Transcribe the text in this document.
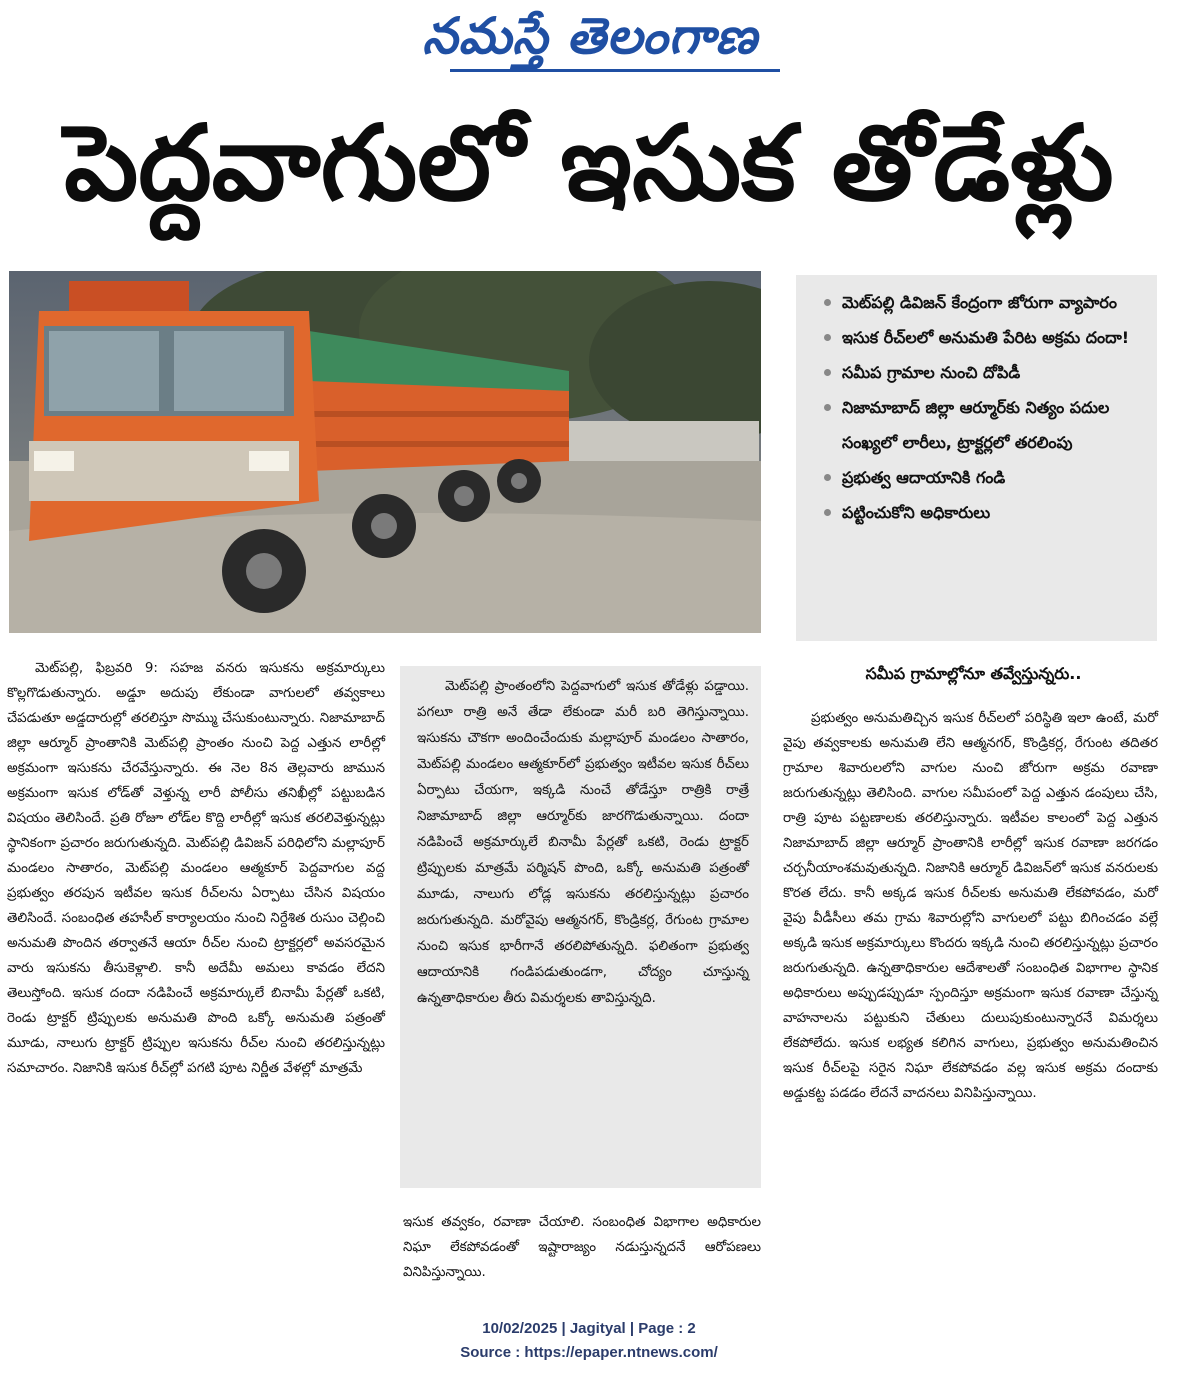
నమస్తే తెలంగాణ
పెద్దవాగులో ఇసుక తోడేళ్లు
మెట్‌పల్లి డివిజన్ కేంద్రంగా జోరుగా వ్యాపారం
ఇసుక రీచ్‌లలో అనుమతి పేరిట అక్రమ దందా!
సమీప గ్రామాల నుంచి దోపిడీ
నిజామాబాద్ జిల్లా ఆర్మూర్‌కు నిత్యం పదుల సంఖ్యలో లారీలు, ట్రాక్టర్లలో తరలింపు
ప్రభుత్వ ఆదాయానికి గండి
పట్టించుకోని అధికారులు

మెట్‌పల్లి, ఫిబ్రవరి 9: సహజ వనరు ఇసుకను అక్రమార్కులు కొల్లగొడుతున్నారు. అడ్డూ అదుపు లేకుండా వాగులలో తవ్వకాలు చేపడుతూ అడ్డదారుల్లో తరలిస్తూ సొమ్ము చేసుకుంటున్నారు. నిజామాబాద్ జిల్లా ఆర్మూర్ ప్రాంతానికి మెట్‌పల్లి ప్రాంతం నుంచి పెద్ద ఎత్తున లారీల్లో అక్రమంగా ఇసుకను చేరవేస్తున్నారు. ఈ నెల 8న తెల్లవారు జామున అక్రమంగా ఇసుక లోడ్‌తో వెళ్తున్న లారీ పోలీసు తనిఖీల్లో పట్టుబడిన విషయం తెలిసిందే. ప్రతి రోజూ లోడ్‌ల కొద్ది లారీల్లో ఇసుక తరలివెళ్తున్నట్లు స్థానికంగా ప్రచారం జరుగుతున్నది. మెట్‌పల్లి డివిజన్ పరిధిలోని మల్లాపూర్ మండలం సాతారం, మెట్‌పల్లి మండలం ఆత్మకూర్ పెద్దవాగుల వద్ద ప్రభుత్వం తరపున ఇటీవల ఇసుక రీచ్‌లను ఏర్పాటు చేసిన విషయం తెలిసిందే. సంబంధిత తహసీల్ కార్యాలయం నుంచి నిర్దేశిత రుసుం చెల్లించి అనుమతి పొందిన తర్వాతనే ఆయా రీచ్‌ల నుంచి ట్రాక్టర్లలో అవసరమైన వారు ఇసుకను తీసుకెళ్లాలి. కానీ అదేమీ అమలు కావడం లేదని తెలుస్తోంది. ఇసుక దందా నడిపించే అక్రమార్కులే బినామీ పేర్లతో ఒకటి, రెండు ట్రాక్టర్ ట్రిప్పులకు అనుమతి పొంది ఒక్కో అనుమతి పత్రంతో మూడు, నాలుగు ట్రాక్టర్ ట్రిప్పుల ఇసుకను రీచ్‌ల నుంచి తరలిస్తున్నట్లు సమాచారం. నిజానికి ఇసుక రీచ్‌ల్లో పగటి పూట నిర్ణీత వేళల్లో మాత్రమే

మెట్‌పల్లి ప్రాంతంలోని పెద్దవాగులో ఇసుక తోడేళ్లు పడ్డాయి. పగలూ రాత్రి అనే తేడా లేకుండా మరీ బరి తెగిస్తున్నాయి. ఇసుకను చౌకగా అందించేందుకు మల్లాపూర్ మండలం సాతారం, మెట్‌పల్లి మండలం ఆత్మకూర్‌లో ప్రభుత్వం ఇటీవల ఇసుక రీచ్‌లు ఏర్పాటు చేయగా, ఇక్కడి నుంచే తోడేస్తూ రాత్రికి రాత్రే నిజామాబాద్ జిల్లా ఆర్మూర్‌కు జారగొడుతున్నాయి. దందా నడిపించే అక్రమార్కులే బినామీ పేర్లతో ఒకటి, రెండు ట్రాక్టర్ ట్రిప్పులకు మాత్రమే పర్మిషన్ పొంది, ఒక్కో అనుమతి పత్రంతో మూడు, నాలుగు లోడ్ల ఇసుకను తరలిస్తున్నట్లు ప్రచారం జరుగుతున్నది. మరోవైపు ఆత్మనగర్, కొండ్రికర్ల, రేగుంట గ్రామాల నుంచి ఇసుక భారీగానే తరలిపోతున్నది. ఫలితంగా ప్రభుత్వ ఆదాయానికి గండిపడుతుండగా, చోద్యం చూస్తున్న ఉన్నతాధికారుల తీరు విమర్శలకు తావిస్తున్నది.

ఇసుక తవ్వకం, రవాణా చేయాలి. సంబంధిత విభాగాల అధికారుల నిఘా లేకపోవడంతో ఇష్టారాజ్యం నడుస్తున్నదనే ఆరోపణలు వినిపిస్తున్నాయి.

సమీప గ్రామాల్లోనూ తవ్వేస్తున్నరు..

ప్రభుత్వం అనుమతిచ్చిన ఇసుక రీచ్‌లలో పరిస్థితి ఇలా ఉంటే, మరో వైపు తవ్వకాలకు అనుమతి లేని ఆత్మనగర్, కొండ్రికర్ల, రేగుంట తదితర గ్రామాల శివారులలోని వాగుల నుంచి జోరుగా అక్రమ రవాణా జరుగుతున్నట్లు తెలిసింది. వాగుల సమీపంలో పెద్ద ఎత్తున డంపులు చేసి, రాత్రి పూట పట్టణాలకు తరలిస్తున్నారు. ఇటీవల కాలంలో పెద్ద ఎత్తున నిజామాబాద్ జిల్లా ఆర్మూర్ ప్రాంతానికి లారీల్లో ఇసుక రవాణా జరగడం చర్చనీయాంశమవుతున్నది. నిజానికి ఆర్మూర్ డివిజన్‌లో ఇసుక వనరులకు కొరత లేదు. కానీ అక్కడ ఇసుక రీచ్‌లకు అనుమతి లేకపోవడం, మరో వైపు వీడీసీలు తమ గ్రామ శివారుల్లోని వాగులలో పట్టు బిగించడం వల్లే అక్కడి ఇసుక అక్రమార్కులు కొందరు ఇక్కడి నుంచి తరలిస్తున్నట్లు ప్రచారం జరుగుతున్నది. ఉన్నతాధికారుల ఆదేశాలతో సంబంధిత విభాగాల స్థానిక అధికారులు అప్పుడప్పుడూ స్పందిస్తూ అక్రమంగా ఇసుక రవాణా చేస్తున్న వాహనాలను పట్టుకుని చేతులు దులుపుకుంటున్నారనే విమర్శలు లేకపోలేదు. ఇసుక లభ్యత కలిగిన వాగులు, ప్రభుత్వం అనుమతించిన ఇసుక రీచ్‌లపై సరైన నిఘా లేకపోవడం వల్ల ఇసుక అక్రమ దందాకు అడ్డుకట్ట పడడం లేదనే వాదనలు వినిపిస్తున్నాయి.

10/02/2025 | Jagityal | Page : 2
Source : https://epaper.ntnews.com/
